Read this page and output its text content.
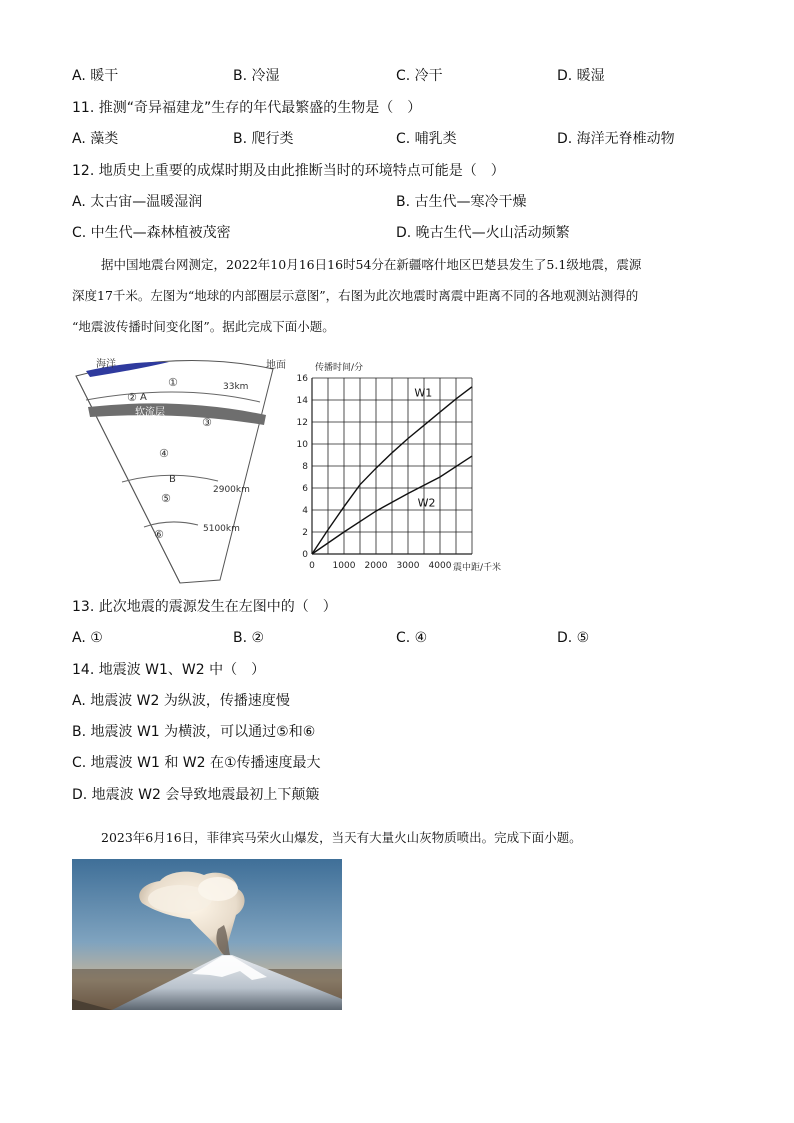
A. 暖干	B. 冷湿	C. 冷干	D. 暖湿
11. 推测“奇异福建龙”生存的年代最繁盛的生物是（　）
A. 藻类	B. 爬行类	C. 哺乳类	D. 海洋无脊椎动物
12. 地质史上重要的成煤时期及由此推断当时的环境特点可能是（　）
A. 太古宙—温暖湿润	B. 古生代—寒冷干燥
C. 中生代—森林植被茂密	D. 晚古生代—火山活动频繁
据中国地震台网测定，2022年10月16日16时54分在新疆喀什地区巴楚县发生了5.1级地震，震源
深度17千米。左图为“地球的内部圈层示意图”，右图为此次地震时离震中距离不同的各地观测站测得的
“地震波传播时间变化图”。据此完成下面小题。
海洋	地面
A
软流层
33km
B
2900km
5100km
①
②
③
④
⑤
⑥
传播时间/分
W1
W2
0 1000 2000 3000 4000
0
2
4
6
8
10
12
14
16
震中距/千米
13. 此次地震的震源发生在左图中的（　）
A. ①	B. ②	C. ④	D. ⑤
14. 地震波 W1、W2 中（　）
A. 地震波 W2 为纵波，传播速度慢
B. 地震波 W1 为横波，可以通过⑤和⑥
C. 地震波 W1 和 W2 在①传播速度最大
D. 地震波 W2 会导致地震最初上下颠簸
2023年6月16日，菲律宾马荣火山爆发，当天有大量火山灰物质喷出。完成下面小题。
